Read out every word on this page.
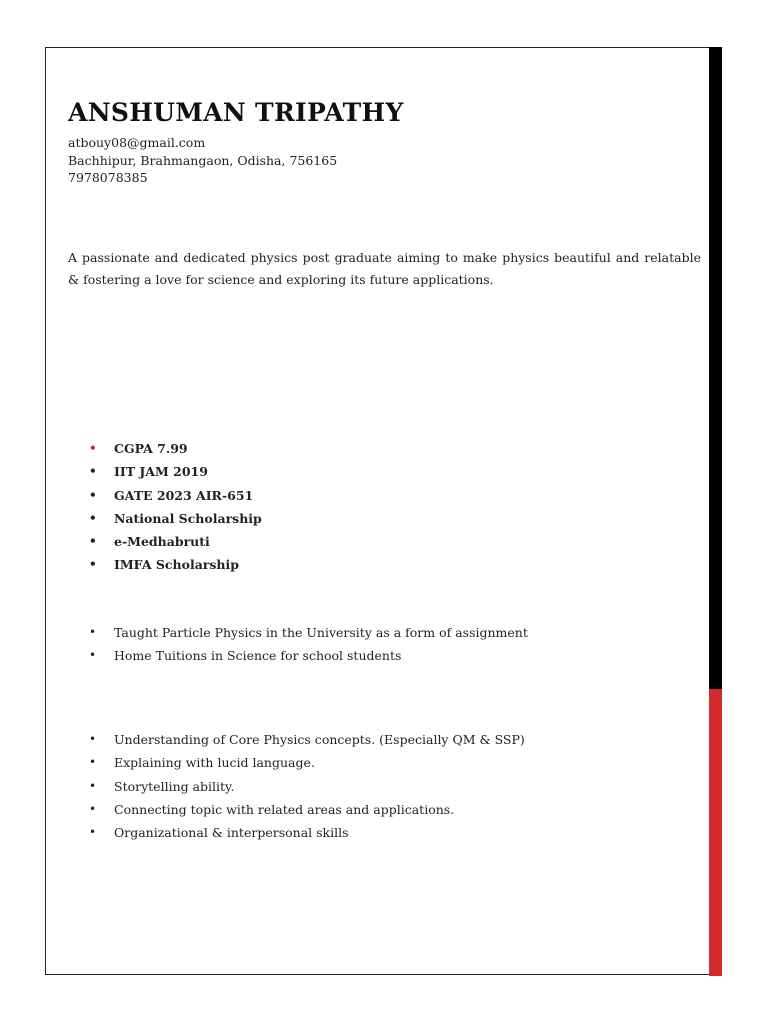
ANSHUMAN TRIPATHY
atbouy08@gmail.com
Bachhipur, Brahmangaon, Odisha, 756165
7978078385

A passionate and dedicated physics post graduate aiming to make physics beautiful and relatable & fostering a love for science and exploring its future applications.

• CGPA 7.99
• IIT JAM 2019
• GATE 2023 AIR-651
• National Scholarship
• e-Medhabruti
• IMFA Scholarship
• Taught Particle Physics in the University as a form of assignment
• Home Tuitions in Science for school students
• Understanding of Core Physics concepts. (Especially QM & SSP)
• Explaining with lucid language.
• Storytelling ability.
• Connecting topic with related areas and applications.
• Organizational & interpersonal skills
